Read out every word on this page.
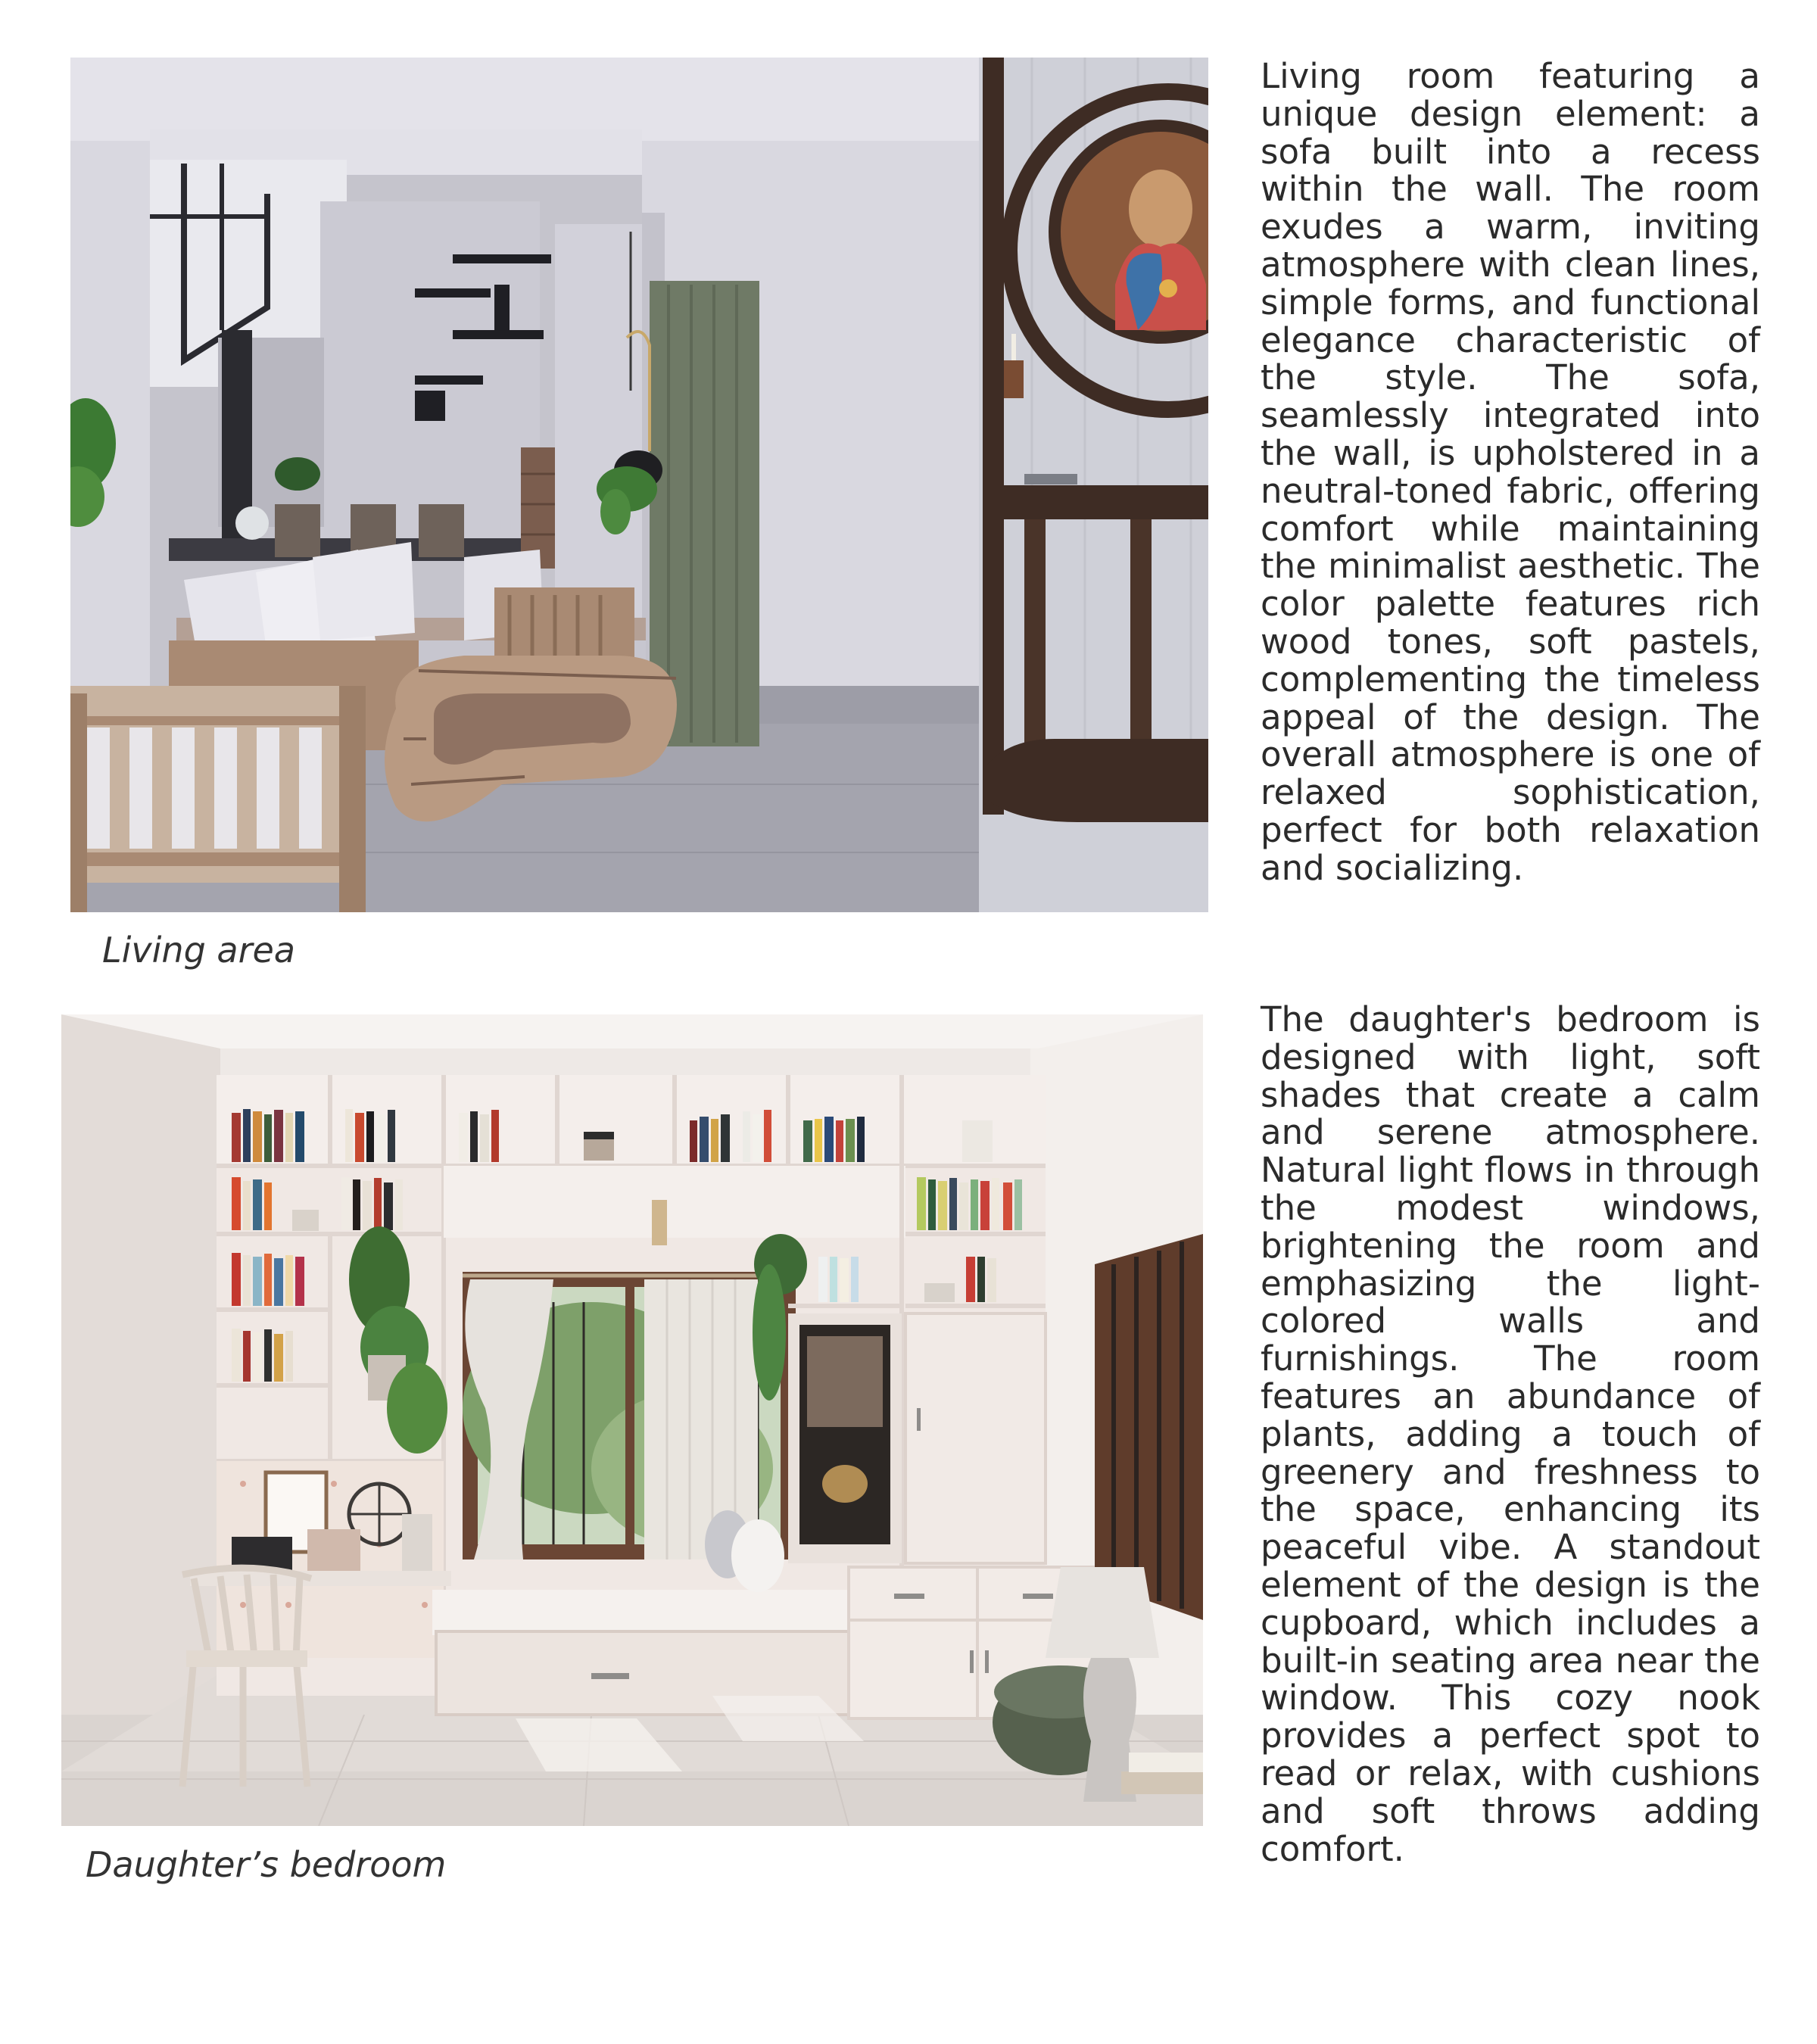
Living area

Living room featuring a unique design element: a sofa built into a recess within the wall. The room exudes a warm, inviting atmosphere with clean lines, simple forms, and functional elegance characteristic of the style. The sofa, seamlessly integrated into the wall, is upholstered in a neutral-toned fabric, offering comfort while maintaining the minimalist aesthetic. The color palette features rich wood tones, soft pastels, complementing the timeless appeal of the design. The overall atmosphere is one of relaxed sophistication, perfect for both relaxation and socializing.

Daughter’s bedroom

The daughter's bedroom is designed with light, soft shades that create a calm and serene atmosphere. Natural light flows in through the modest windows, brightening the room and emphasizing the light-colored walls and furnishings. The room features an abundance of plants, adding a touch of greenery and freshness to the space, enhancing its peaceful vibe. A standout element of the design is the cupboard, which includes a built-in seating area near the window. This cozy nook provides a perfect spot to read or relax, with cushions and soft throws adding comfort.
